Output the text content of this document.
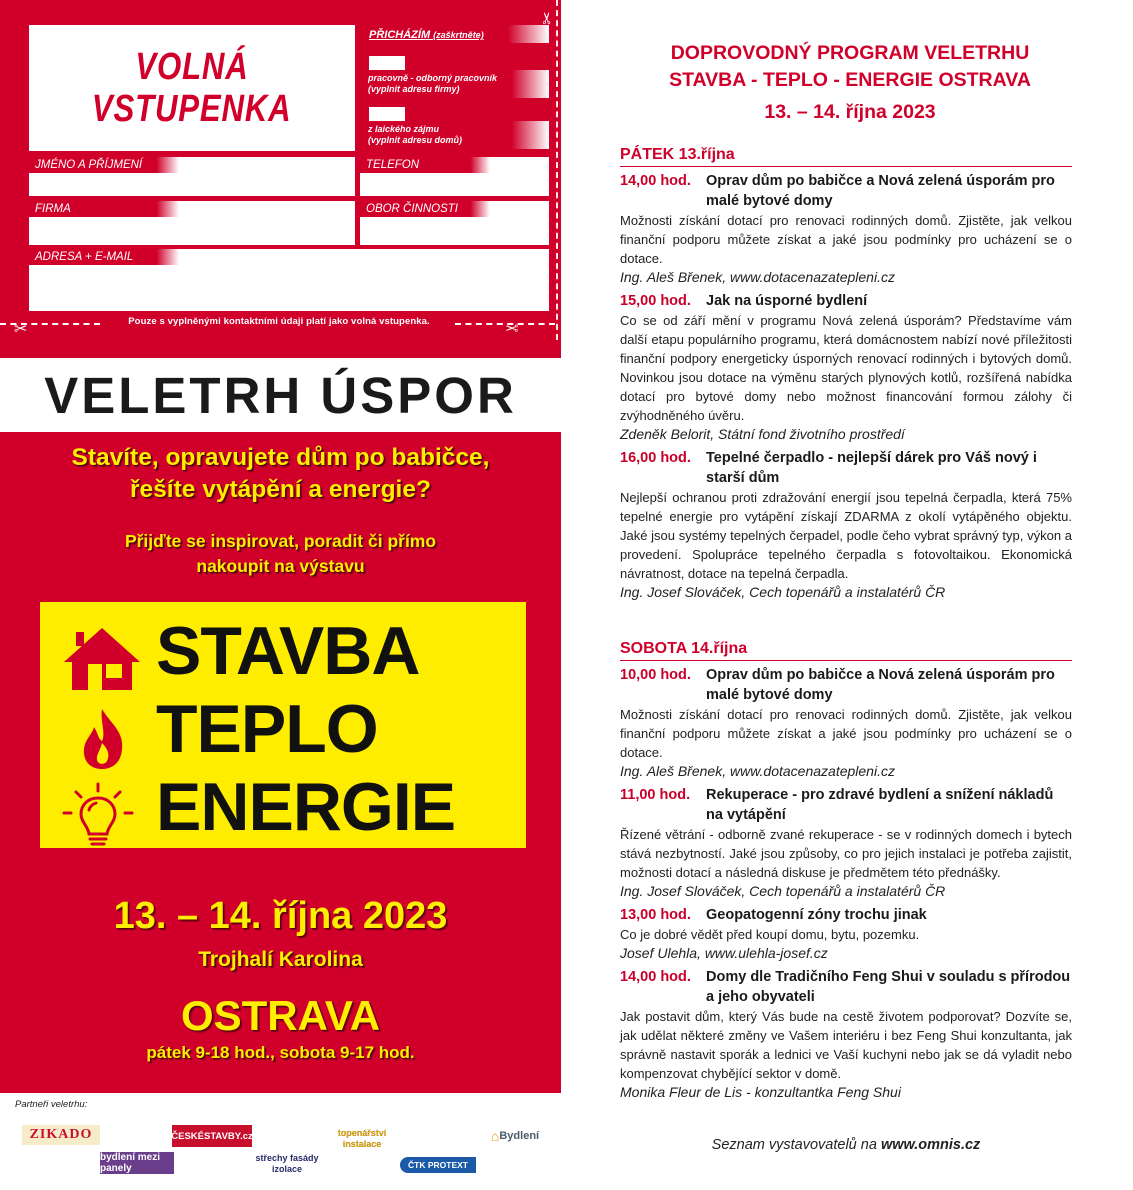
✂
✂	✂
Pouze s vyplněnými kontaktními údaji platí jako volná vstupenka.
VOLNÁ
VSTUPENKA
PŘICHÁZÍM (zaškrtněte)
pracovně - odborný pracovník
(vyplnit adresu firmy)
z laického zájmu
(vyplnit adresu domů)
JMÉNO A PŘÍJMENÍ	TELEFON
FIRMA	OBOR ČINNOSTI
ADRESA + E-MAIL
VELETRH ÚSPOR
Stavíte, opravujete dům po babičce,
řešíte vytápění a energie?
Přijďte se inspirovat, poradit či přímo
nakoupit na výstavu
STAVBA
TEPLO
ENERGIE
13. – 14. října 2023
Trojhalí Karolina
OSTRAVA
pátek 9-18 hod., sobota 9-17 hod.
Partneři veletrhu:
ZIKADO	ČESKÉSTAVBY.cz	topenářství instalace	⌂ Bydlení
bydlení mezi panely
střechy fasády izolace	ČTK PROTEXT
DOPROVODNÝ PROGRAM VELETRHU
STAVBA - TEPLO - ENERGIE OSTRAVA
13. – 14. října 2023
PÁTEK 13.října
14,00 hod.	Oprav dům po babičce a Nová zelená úsporám pro malé bytové domy
Možnosti získání dotací pro renovaci rodinných domů. Zjistěte, jak velkou finanční podporu můžete získat a jaké jsou podmínky pro ucházení se o dotace.
Ing. Aleš Břenek, www.dotacenazatepleni.cz
15,00 hod.	Jak na úsporné bydlení
Co se od září mění v programu Nová zelená úsporám? Představíme vám další etapu populárního programu, která domácnostem nabízí nové příležitosti finanční podpory energeticky úsporných renovací rodinných i bytových domů. Novinkou jsou dotace na výměnu starých plynových kotlů, rozšířená nabídka dotací pro bytové domy nebo možnost financování formou zálohy či zvýhodněného úvěru.
Zdeněk Belorit, Státní fond životního prostředí
16,00 hod.	Tepelné čerpadlo - nejlepší dárek pro Váš nový i starší dům
Nejlepší ochranou proti zdražování energií jsou tepelná čerpadla, která 75% tepelné energie pro vytápění získají ZDARMA z okolí vytápěného objektu. Jaké jsou systémy tepelných čerpadel, podle čeho vybrat správný typ, výkon a provedení. Spolupráce tepelného čerpadla s fotovoltaikou. Ekonomická návratnost, dotace na tepelná čerpadla.
Ing. Josef Slováček, Cech topenářů a instalatérů ČR
SOBOTA 14.října
10,00 hod.	Oprav dům po babičce a Nová zelená úsporám pro malé bytové domy
Možnosti získání dotací pro renovaci rodinných domů. Zjistěte, jak velkou finanční podporu můžete získat a jaké jsou podmínky pro ucházení se o dotace.
Ing. Aleš Břenek, www.dotacenazatepleni.cz
11,00 hod.	Rekuperace - pro zdravé bydlení a snížení nákladů na vytápění
Řízené větrání - odborně zvané rekuperace - se v rodinných domech i bytech stává nezbytností. Jaké jsou způsoby, co pro jejich instalaci je potřeba zajistit, možnosti dotací a následná diskuse je předmětem této přednášky.
Ing. Josef Slováček, Cech topenářů a instalatérů ČR
13,00 hod.	Geopatogenní zóny trochu jinak
Co je dobré vědět před koupí domu, bytu, pozemku.
Josef Ulehla, www.ulehla-josef.cz
14,00 hod.	Domy dle Tradičního Feng Shui v souladu s přírodou a jeho obyvateli
Jak postavit dům, který Vás bude na cestě životem podporovat? Dozvíte se, jak udělat některé změny ve Vašem interiéru i bez Feng Shui konzultanta, jak správně nastavit sporák a lednici ve Vaší kuchyni nebo jak se dá vyladit nebo kompenzovat chybějící sektor v domě.
Monika Fleur de Lis - konzultantka Feng Shui
Seznam vystavovatelů na www.omnis.cz
